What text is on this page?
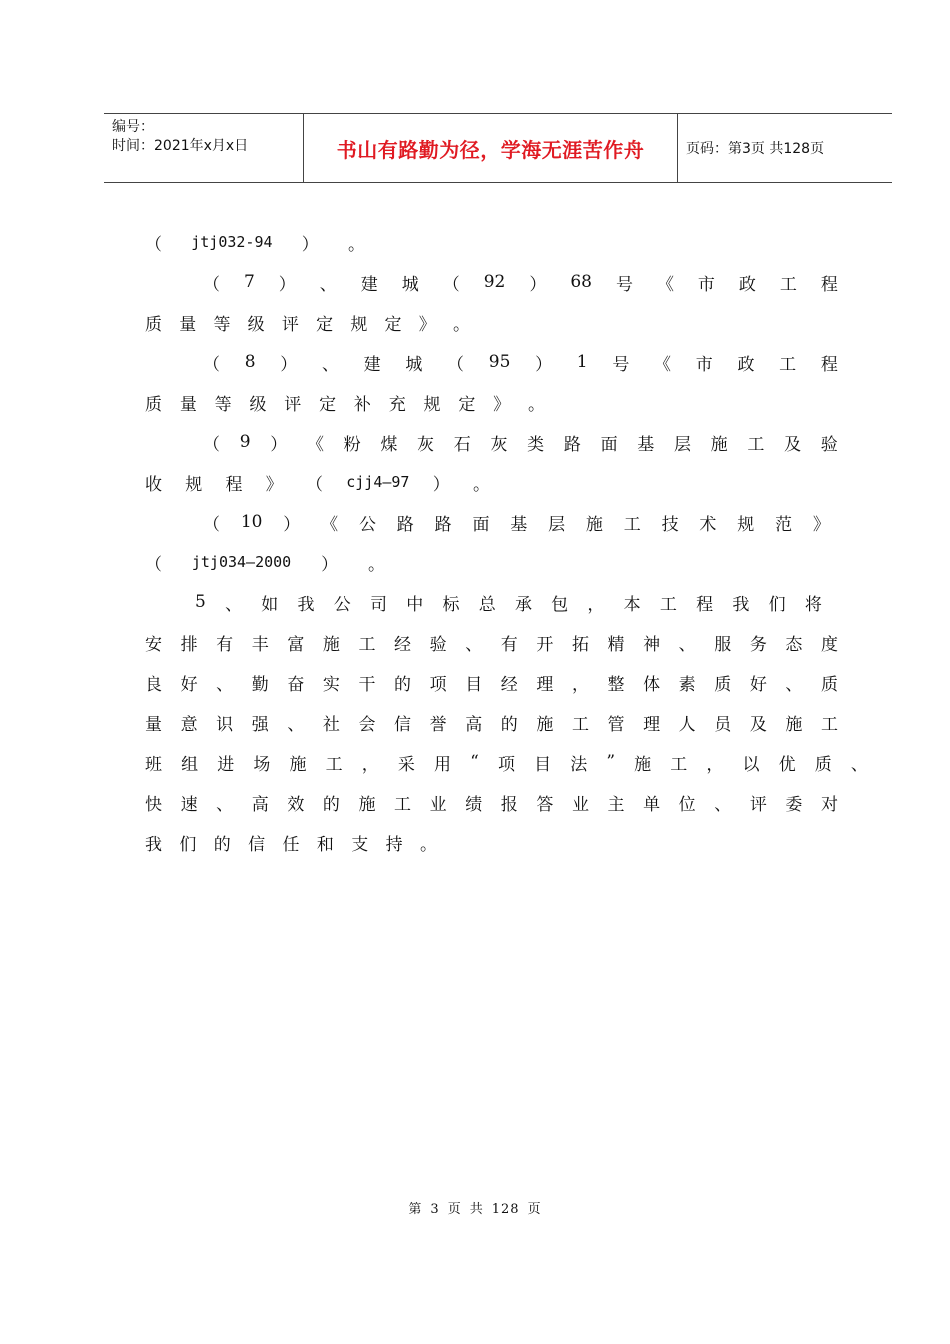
编号：
时间：2021年x月x日	书山有路勤为径，学海无涯苦作舟	页码：第3页 共128页
（ jtj032-94 ） 。
（ 7 ） 、 建 城 （ 92 ） 68 号 《 市 政 工 程
质 量 等 级 评 定 规 定 》 。
（ 8 ） 、 建 城 （ 95 ） 1 号 《 市 政 工 程
质 量 等 级 评 定 补 充 规 定 》 。
（ 9 ） 《 粉 煤 灰 石 灰 类 路 面 基 层 施 工 及 验
收 规 程 》 （ cjj4—97 ） 。
（ 10 ） 《 公 路 路 面 基 层 施 工 技 术 规 范 》
（ jtj034—2000 ） 。
5 、 如 我 公 司 中 标 总 承 包 ， 本 工 程 我 们 将
安 排 有 丰 富 施 工 经 验 、 有 开 拓 精 神 、 服 务 态 度
良 好 、 勤 奋 实 干 的 项 目 经 理 ， 整 体 素 质 好 、 质
量 意 识 强 、 社 会 信 誉 高 的 施 工 管 理 人 员 及 施 工
班 组 进 场 施 工 ， 采 用 “ 项 目 法 ” 施 工 ， 以 优 质 、
快 速 、 高 效 的 施 工 业 绩 报 答 业 主 单 位 、 评 委 对
我 们 的 信 任 和 支 持 。
第 3 页 共 128 页
